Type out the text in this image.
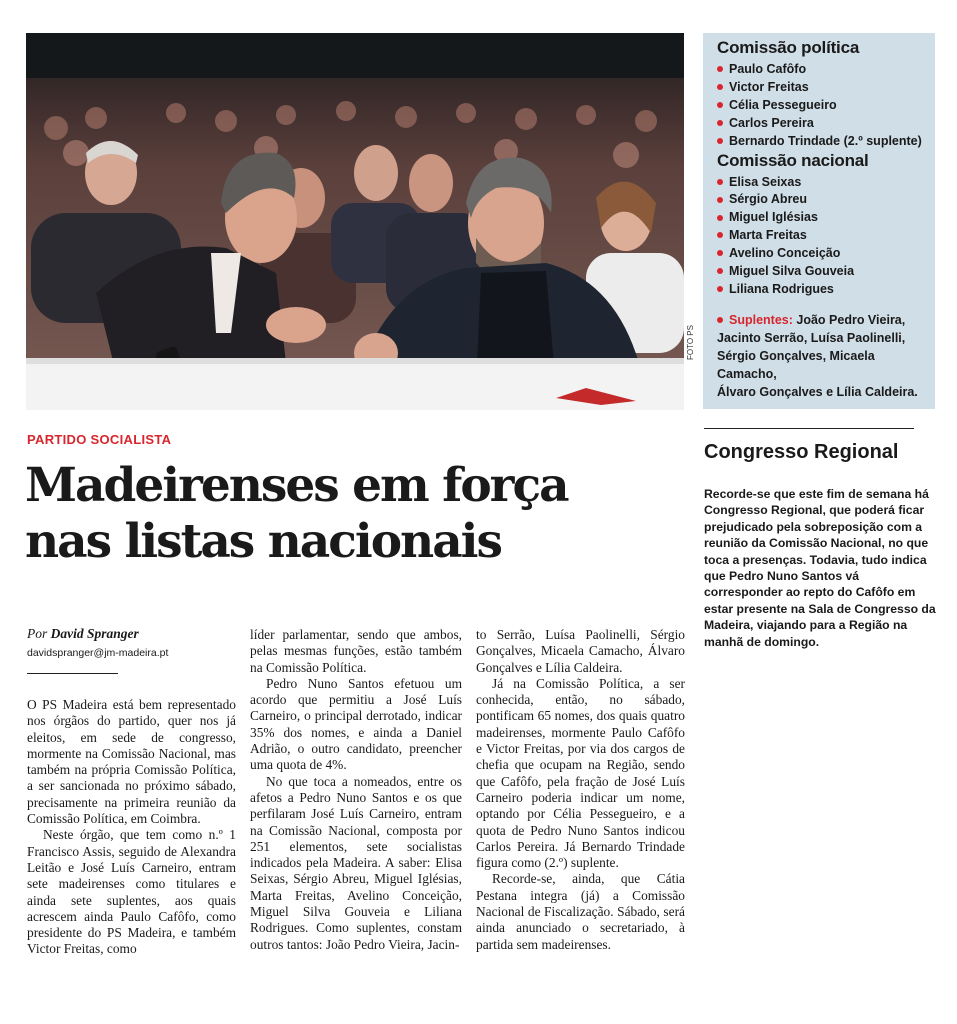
FOTO PS
Comissão política
Paulo Cafôfo
Victor Freitas
Célia Pessegueiro
Carlos Pereira
Bernardo Trindade (2.º suplente)
Comissão nacional
Elisa Seixas
Sérgio Abreu
Miguel Iglésias
Marta Freitas
Avelino Conceição
Miguel Silva Gouveia
Liliana Rodrigues
Suplentes: João Pedro Vieira,
Jacinto Serrão, Luísa Paolinelli,
Sérgio Gonçalves, Micaela Camacho,
Álvaro Gonçalves e Lília Caldeira.
PARTIDO SOCIALISTA
Madeirenses em força
nas listas nacionais
Por David Spranger
davidspranger@jm-madeira.pt

O PS Madeira está bem representado nos órgãos do partido, quer nos já eleitos, em sede de congresso, mormente na Comissão Nacional, mas também na própria Comissão Política, a ser sancionada no próximo sábado, precisamente na primeira reunião da Comissão Política, em Coimbra.

Neste órgão, que tem como n.º 1 Francisco Assis, seguido de Alexandra Leitão e José Luís Carneiro, entram sete madeirenses como titulares e ainda sete suplentes, aos quais acrescem ainda Paulo Cafôfo, como presidente do PS Madeira, e também Victor Freitas, como

líder parlamentar, sendo que ambos, pelas mesmas funções, estão também na Comissão Política.

Pedro Nuno Santos efetuou um acordo que permitiu a José Luís Carneiro, o principal derrotado, indicar 35% dos nomes, e ainda a Daniel Adrião, o outro candidato, preencher uma quota de 4%.

No que toca a nomeados, entre os afetos a Pedro Nuno Santos e os que perfilaram José Luís Carneiro, entram na Comissão Nacional, composta por 251 elementos, sete socialistas indicados pela Madeira. A saber: Elisa Seixas, Sérgio Abreu, Miguel Iglésias, Marta Freitas, Avelino Conceição, Miguel Silva Gouveia e Liliana Rodrigues. Como suplentes, constam outros tantos: João Pedro Vieira, Jacin-

to Serrão, Luísa Paolinelli, Sérgio Gonçalves, Micaela Camacho, Álvaro Gonçalves e Lília Caldeira.

Já na Comissão Política, a ser conhecida, então, no sábado, pontificam 65 nomes, dos quais quatro madeirenses, mormente Paulo Cafôfo e Victor Freitas, por via dos cargos de chefia que ocupam na Região, sendo que Cafôfo, pela fração de José Luís Carneiro poderia indicar um nome, optando por Célia Pessegueiro, e a quota de Pedro Nuno Santos indicou Carlos Pereira. Já Bernardo Trindade figura como (2.º) suplente.

Recorde-se, ainda, que Cátia Pestana integra (já) a Comissão Nacional de Fiscalização. Sábado, será ainda anunciado o secretariado, à partida sem madeirenses.

Congresso Regional
Recorde-se que este fim de semana há Congresso Regional, que poderá ficar prejudicado pela sobreposição com a reunião da Comissão Nacional, no que toca a presenças. Todavia, tudo indica que Pedro Nuno Santos vá corresponder ao repto do Cafôfo em estar presente na Sala de Congresso da Madeira, viajando para a Região na manhã de domingo.
